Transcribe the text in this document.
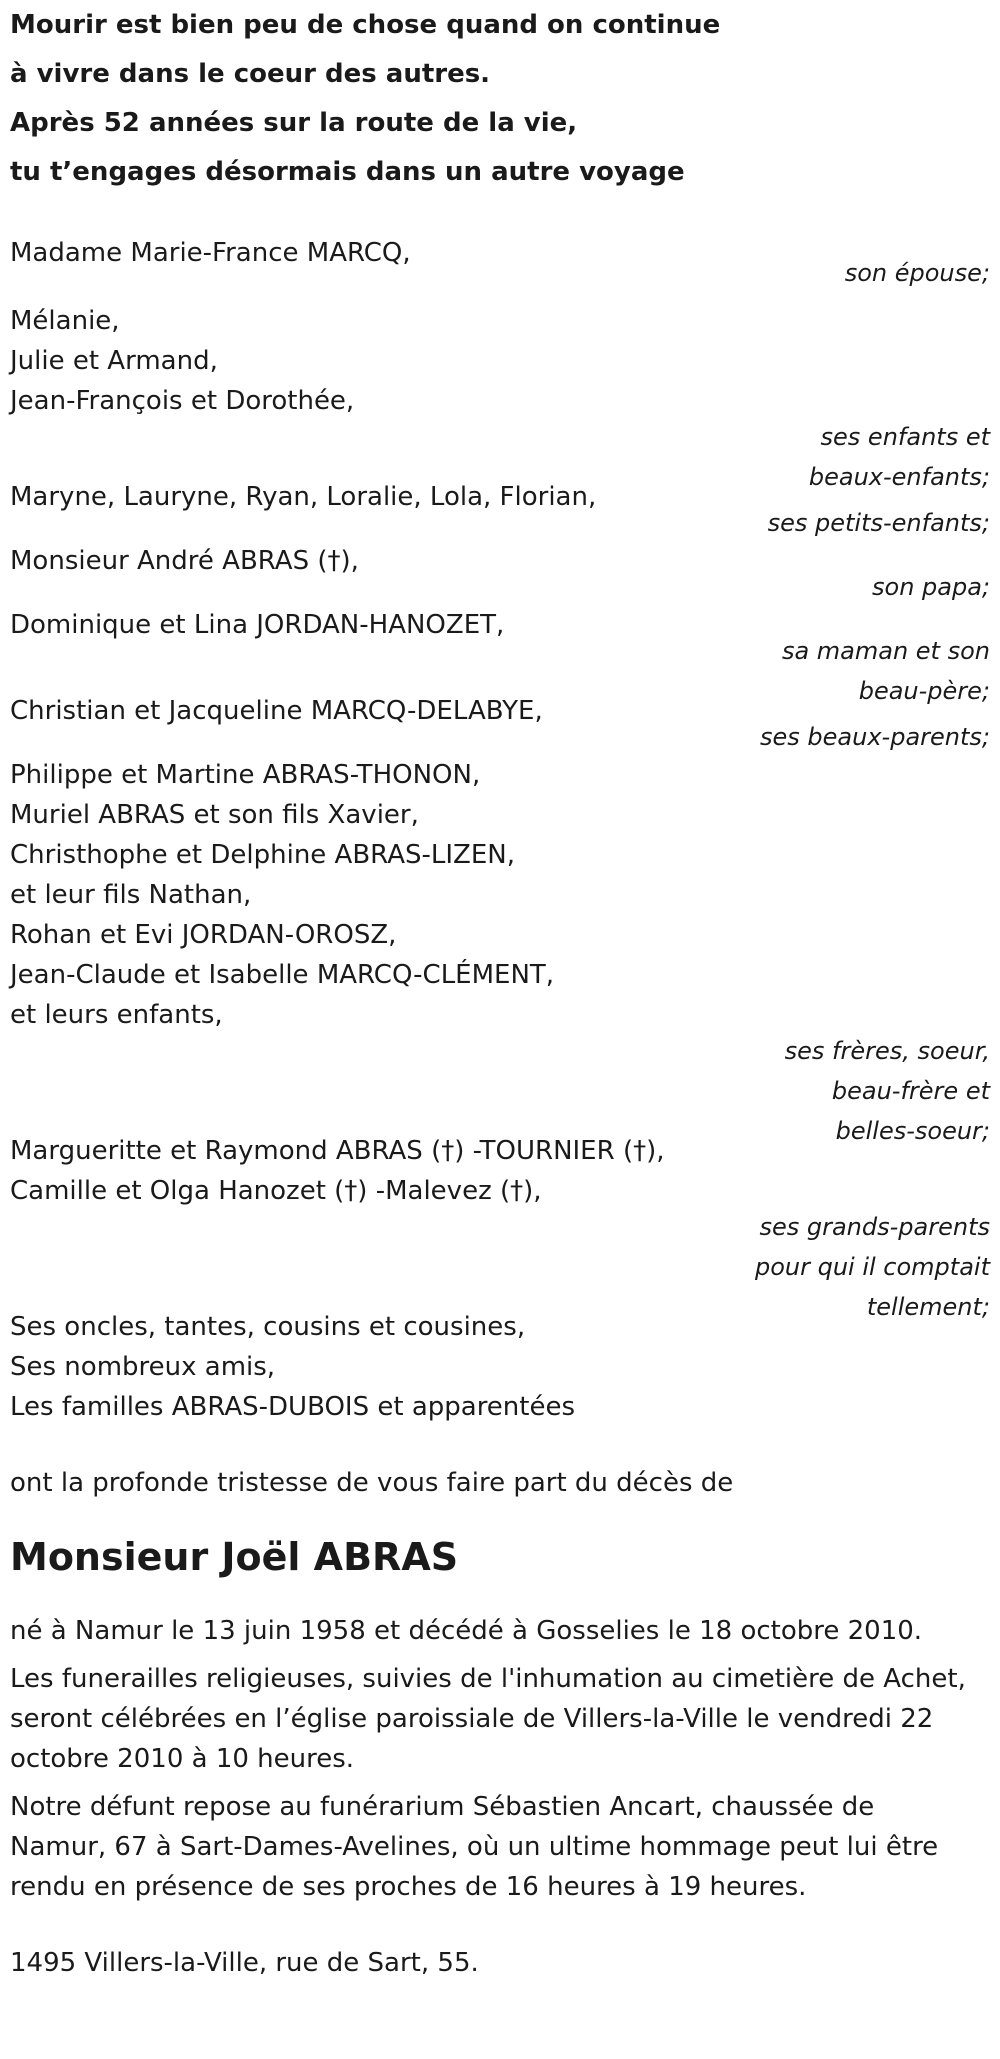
Mourir est bien peu de chose quand on continue
à vivre dans le coeur des autres.
Après 52 années sur la route de la vie,
tu t’engages désormais dans un autre voyage
Madame Marie-France MARCQ,
son épouse;
Mélanie,
Julie et Armand,
Jean-François et Dorothée,
ses enfants et
beaux-enfants;
Maryne, Lauryne, Ryan, Loralie, Lola, Florian,
ses petits-enfants;
Monsieur André ABRAS (†),
son papa;
Dominique et Lina JORDAN-HANOZET,
sa maman et son
beau-père;
Christian et Jacqueline MARCQ-DELABYE,
ses beaux-parents;
Philippe et Martine ABRAS-THONON,
Muriel ABRAS et son fils Xavier,
Christhophe et Delphine ABRAS-LIZEN,
et leur fils Nathan,
Rohan et Evi JORDAN-OROSZ,
Jean-Claude et Isabelle MARCQ-CLÉMENT,
et leurs enfants,
ses frères, soeur,
beau-frère et
belles-soeur;
Margueritte et Raymond ABRAS (†) -TOURNIER (†),
Camille et Olga Hanozet (†) -Malevez (†),
ses grands-parents
pour qui il comptait
tellement;
Ses oncles, tantes, cousins et cousines,
Ses nombreux amis,
Les familles ABRAS-DUBOIS et apparentées
ont la profonde tristesse de vous faire part du décès de
Monsieur Joël ABRAS
né à Namur le 13 juin 1958 et décédé à Gosselies le 18 octobre 2010.
Les funerailles religieuses, suivies de l'inhumation au cimetière de Achet,
seront célébrées en l’église paroissiale de Villers-la-Ville le vendredi 22
octobre 2010 à 10 heures.
Notre défunt repose au funérarium Sébastien Ancart, chaussée de
Namur, 67 à Sart-Dames-Avelines, où un ultime hommage peut lui être
rendu en présence de ses proches de 16 heures à 19 heures.
1495 Villers-la-Ville, rue de Sart, 55.
